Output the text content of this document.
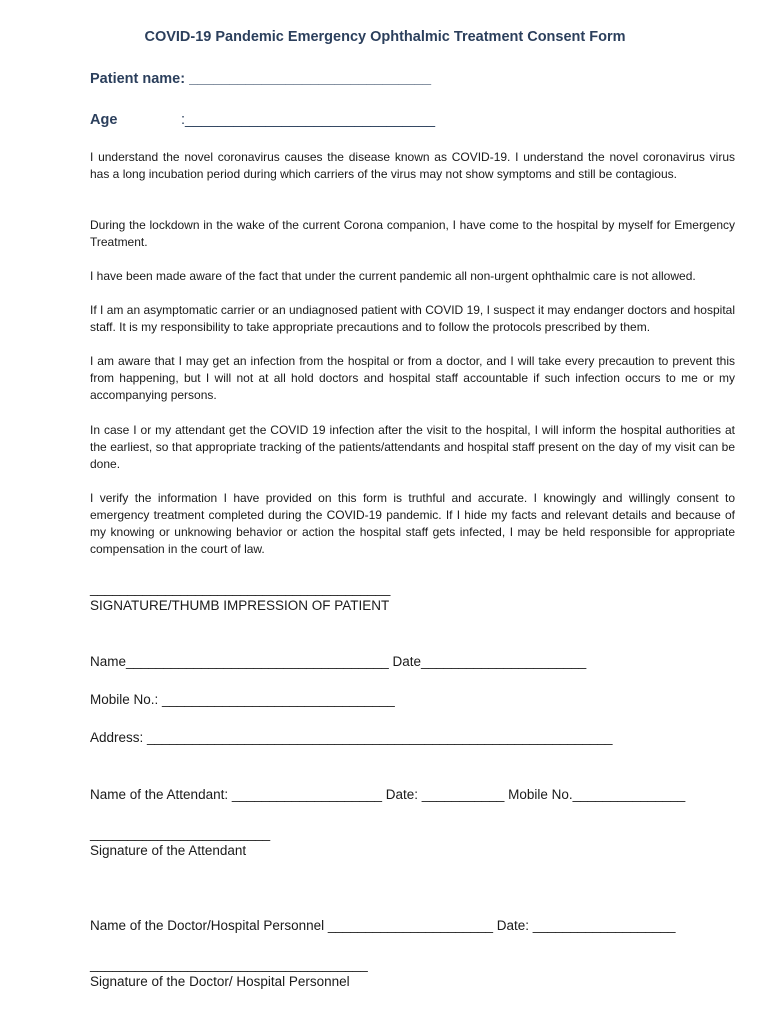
COVID-19 Pandemic Emergency Ophthalmic Treatment Consent Form
Patient name: ______________________________
Age	:_______________________________

I understand the novel coronavirus causes the disease known as COVID-19. I understand the novel coronavirus virus has a long incubation period during which carriers of the virus may not show symptoms and still be contagious.

During the lockdown in the wake of the current Corona companion, I have come to the hospital by myself for Emergency Treatment.

I have been made aware of the fact that under the current pandemic all non-urgent ophthalmic care is not allowed.

If I am an asymptomatic carrier or an undiagnosed patient with COVID 19, I suspect it may endanger doctors and hospital staff. It is my responsibility to take appropriate precautions and to follow the protocols prescribed by them.

I am aware that I may get an infection from the hospital or from a doctor, and I will take every precaution to prevent this from happening, but I will not at all hold doctors and hospital staff accountable if such infection occurs to me or my accompanying persons.

In case I or my attendant get the COVID 19 infection after the visit to the hospital, I will inform the hospital authorities at the earliest, so that appropriate tracking of the patients/attendants and hospital staff present on the day of my visit can be done.

I verify the information I have provided on this form is truthful and accurate. I knowingly and willingly consent to emergency treatment completed during the COVID-19 pandemic. If I hide my facts and relevant details and because of my knowing or unknowing behavior or action the hospital staff gets infected, I may be held responsible for appropriate compensation in the court of law.

________________________________________
SIGNATURE/THUMB IMPRESSION OF PATIENT
Name___________________________________ Date______________________
Mobile No.: _______________________________
Address: ______________________________________________________________
Name of the Attendant: ____________________ Date: ___________ Mobile No._______________
________________________
Signature of the Attendant
Name of the Doctor/Hospital Personnel ______________________ Date: ___________________
_____________________________________
Signature of the Doctor/ Hospital Personnel
